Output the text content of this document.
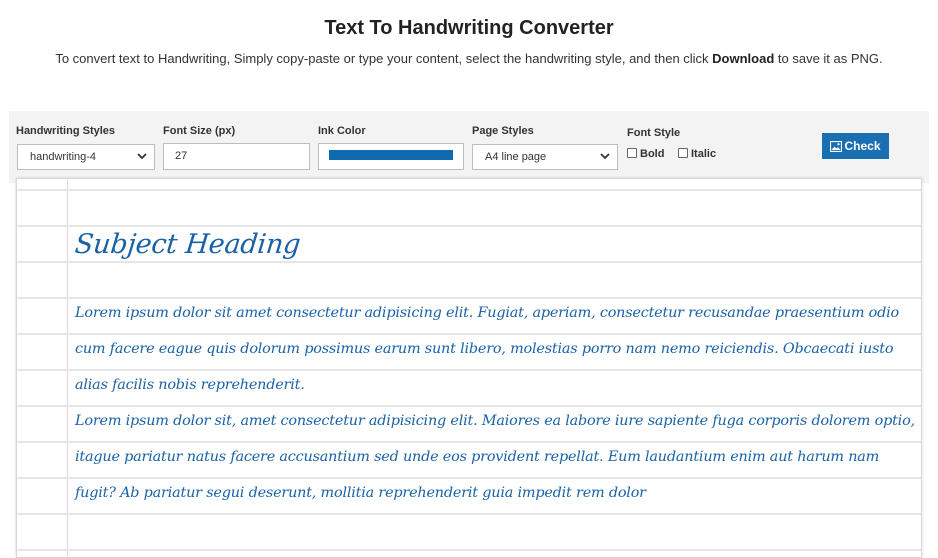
Text To Handwriting Converter
To convert text to Handwriting, Simply copy-paste or type your content, select the handwriting style, and then click Download to save it as PNG.
Handwriting Styles
handwriting-4
Font Size (px)
27
Ink Color	Page Styles
A4 line page
Font Style
Bold	Italic
Check
Subject Heading
Lorem ipsum dolor sit amet consectetur adipisicing elit. Fugiat, aperiam, consectetur recusandae praesentium odio
cum facere eague quis dolorum possimus earum sunt libero, molestias porro nam nemo reiciendis. Obcaecati iusto
alias facilis nobis reprehenderit.
Lorem ipsum dolor sit, amet consectetur adipisicing elit. Maiores ea labore iure sapiente fuga corporis dolorem optio,
itague pariatur natus facere accusantium sed unde eos provident repellat. Eum laudantium enim aut harum nam
fugit? Ab pariatur segui deserunt, mollitia reprehenderit guia impedit rem dolor
